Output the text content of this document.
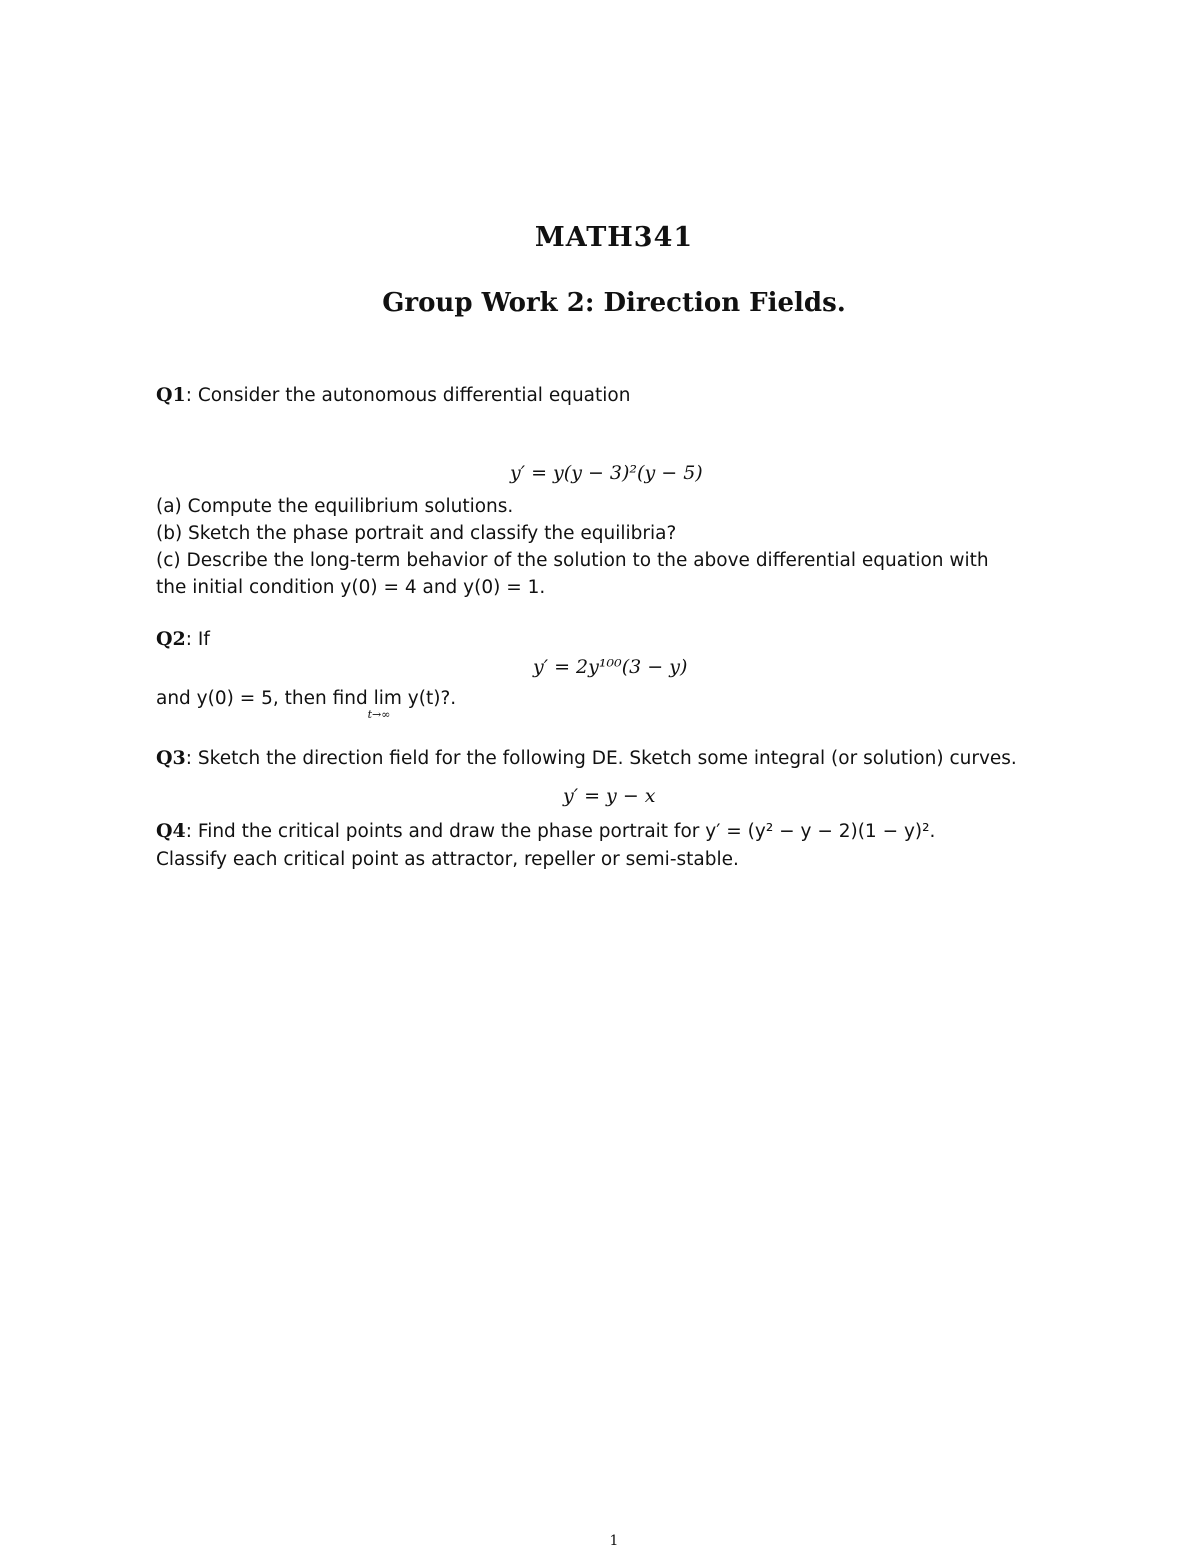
MATH341
Group Work 2: Direction Fields.
Q1: Consider the autonomous differential equation
y′ = y(y − 3)²(y − 5)
(a) Compute the equilibrium solutions.
(b) Sketch the phase portrait and classify the equilibria?
(c) Describe the long-term behavior of the solution to the above differential equation with
the initial condition y(0) = 4 and y(0) = 1.
Q2: If
y′ = 2y¹⁰⁰(3 − y)
and y(0) = 5, then find lim
t→∞
y(t)?.
Q3: Sketch the direction field for the following DE. Sketch some integral (or solution) curves.
y′ = y − x
Q4: Find the critical points and draw the phase portrait for y′ = (y² − y − 2)(1 − y)².
Classify each critical point as attractor, repeller or semi-stable.
1
